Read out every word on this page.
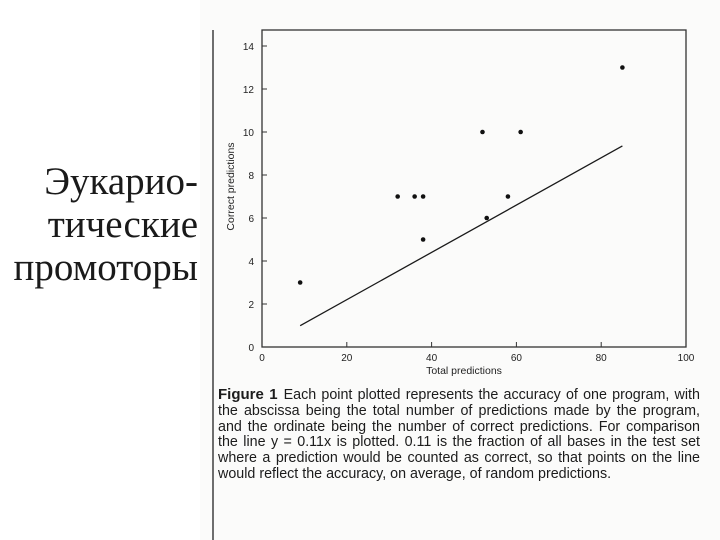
Эукарио-
тические
промоторы
0
2
4
6
8
10
12
14
0	20	40	60	80	100
Total predictions
Correct predictions
Figure 1 Each point plotted represents the accuracy of one program, with the abscissa being the total number of predictions made by the program, and the ordinate being the number of correct predictions. For comparison the line y = 0.11x is plotted. 0.11 is the fraction of all bases in the test set where a prediction would be counted as correct, so that points on the line would reflect the accuracy, on average, of random predictions.
